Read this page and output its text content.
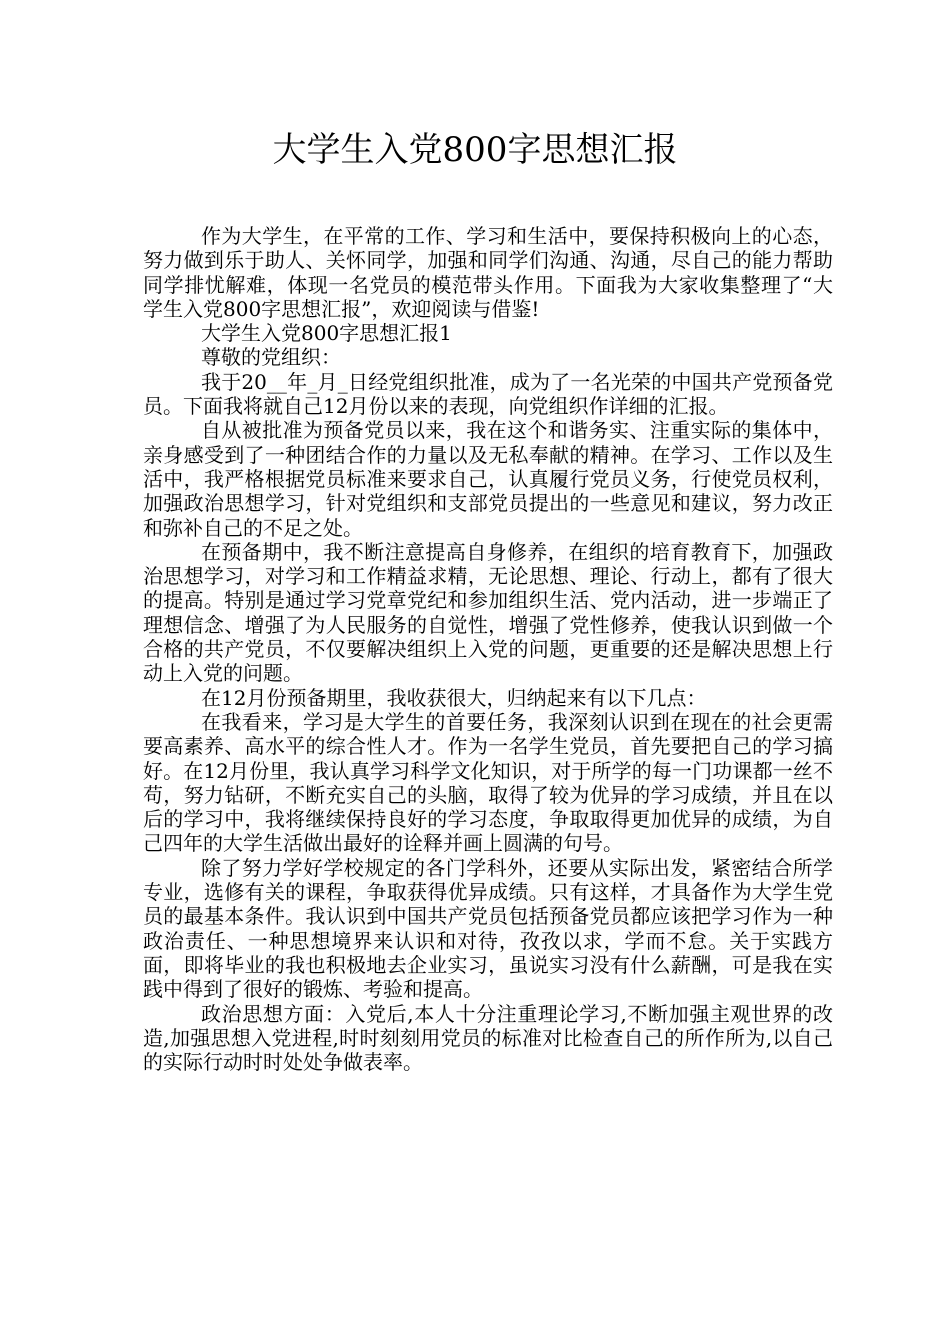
大学生入党800字思想汇报

作为大学生，在平常的工作、学习和生活中，要保持积极向上的心态，努力做到乐于助人、关怀同学，加强和同学们沟通、沟通，尽自己的能力帮助同学排忧解难，体现一名党员的模范带头作用。下面我为大家收集整理了“大学生入党800字思想汇报”，欢迎阅读与借鉴!

大学生入党800字思想汇报1

尊敬的党组织：

我于20__年_月_日经党组织批准，成为了一名光荣的中国共产党预备党员。下面我将就自己12月份以来的表现，向党组织作详细的汇报。

自从被批准为预备党员以来，我在这个和谐务实、注重实际的集体中，亲身感受到了一种团结合作的力量以及无私奉献的精神。在学习、工作以及生活中，我严格根据党员标准来要求自己，认真履行党员义务，行使党员权利，加强政治思想学习，针对党组织和支部党员提出的一些意见和建议，努力改正和弥补自己的不足之处。

在预备期中，我不断注意提高自身修养，在组织的培育教育下，加强政治思想学习，对学习和工作精益求精，无论思想、理论、行动上，都有了很大的提高。特别是通过学习党章党纪和参加组织生活、党内活动，进一步端正了理想信念、增强了为人民服务的自觉性，增强了党性修养，使我认识到做一个合格的共产党员，不仅要解决组织上入党的问题，更重要的还是解决思想上行动上入党的问题。

在12月份预备期里，我收获很大，归纳起来有以下几点：

在我看来，学习是大学生的首要任务，我深刻认识到在现在的社会更需要高素养、高水平的综合性人才。作为一名学生党员，首先要把自己的学习搞好。在12月份里，我认真学习科学文化知识，对于所学的每一门功课都一丝不苟，努力钻研，不断充实自己的头脑，取得了较为优异的学习成绩，并且在以后的学习中，我将继续保持良好的学习态度，争取取得更加优异的成绩，为自己四年的大学生活做出最好的诠释并画上圆满的句号。

除了努力学好学校规定的各门学科外，还要从实际出发，紧密结合所学专业，选修有关的课程，争取获得优异成绩。只有这样，才具备作为大学生党员的最基本条件。我认识到中国共产党员包括预备党员都应该把学习作为一种政治责任、一种思想境界来认识和对待，孜孜以求，学而不怠。关于实践方面，即将毕业的我也积极地去企业实习，虽说实习没有什么薪酬，可是我在实践中得到了很好的锻炼、考验和提高。

政治思想方面：入党后,本人十分注重理论学习,不断加强主观世界的改造,加强思想入党进程,时时刻刻用党员的标准对比检查自己的所作所为,以自己的实际行动时时处处争做表率。
